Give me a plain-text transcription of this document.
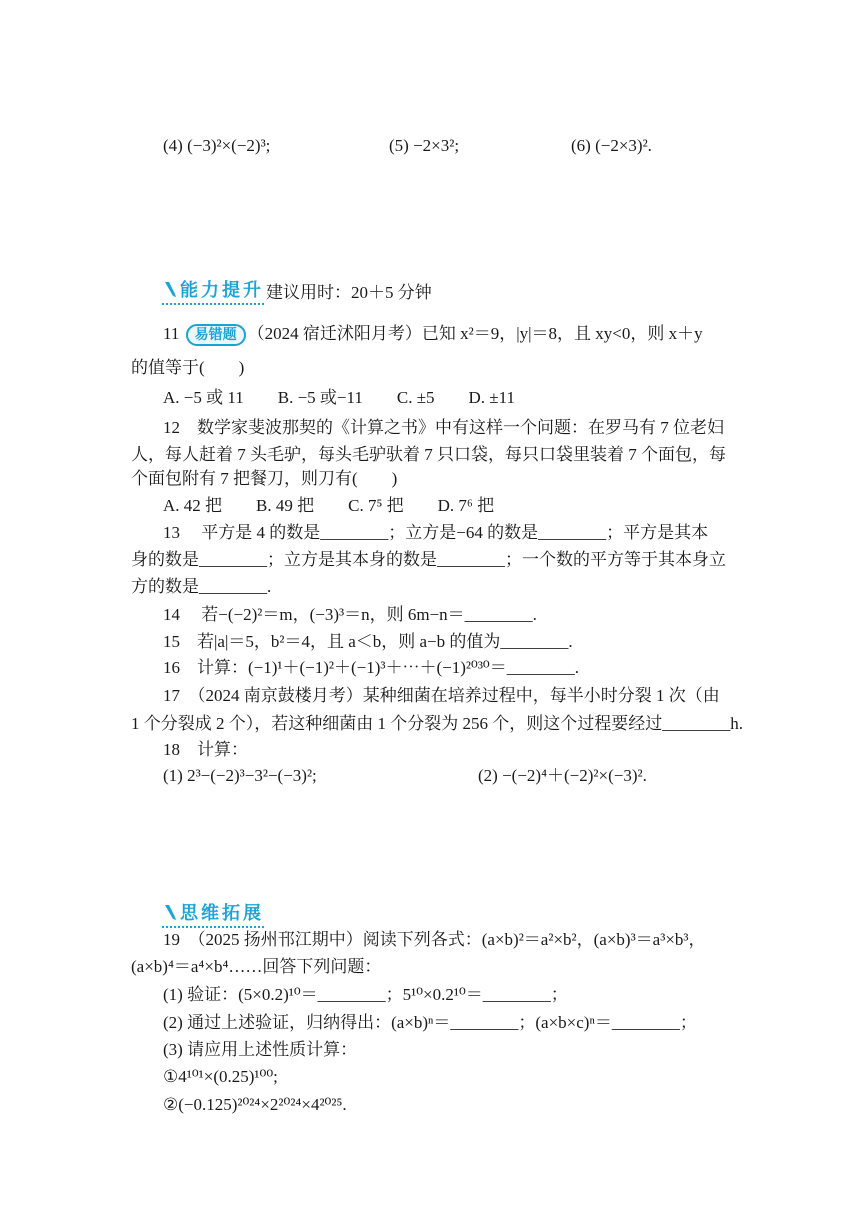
(4) (−3)²×(−2)³;	(5) −2×3²;	(6) (−2×3)².
能力提升 建议用时：20＋5 分钟
11 易错题 （2024 宿迁沭阳月考）已知 x²＝9，|y|＝8，且 xy<0，则 x＋y
的值等于(　　)
A. −5 或 11　　B. −5 或−11　　C. ±5　　D. ±11
12　数学家斐波那契的《计算之书》中有这样一个问题：在罗马有 7 位老妇
人，每人赶着 7 头毛驴，每头毛驴驮着 7 只口袋，每只口袋里装着 7 个面包，每
个面包附有 7 把餐刀，则刀有(　　)
A. 42 把　　B. 49 把　　C. 7⁵ 把　　D. 7⁶ 把
13　 平方是 4 的数是________；立方是−64 的数是________；平方是其本
身的数是________；立方是其本身的数是________；一个数的平方等于其本身立
方的数是________.
14　 若−(−2)²＝m，(−3)³＝n，则 6m−n＝________.
15　若|a|＝5，b²＝4，且 a＜b，则 a−b 的值为________.
16　计算：(−1)¹＋(−1)²＋(−1)³＋⋯＋(−1)²⁰³⁰＝________.
17　（2024 南京鼓楼月考）某种细菌在培养过程中，每半小时分裂 1 次（由
1 个分裂成 2 个），若这种细菌由 1 个分裂为 256 个，则这个过程要经过________h.
18　计算：
(1) 2³−(−2)³−3²−(−3)²;	(2) −(−2)⁴＋(−2)²×(−3)².
思维拓展
19　（2025 扬州邗江期中）阅读下列各式：(a×b)²＝a²×b²，(a×b)³＝a³×b³，
(a×b)⁴＝a⁴×b⁴……回答下列问题：
(1) 验证：(5×0.2)¹⁰＝________；5¹⁰×0.2¹⁰＝________；
(2) 通过上述验证，归纳得出：(a×b)ⁿ＝________；(a×b×c)ⁿ＝________；
(3) 请应用上述性质计算：
①4¹⁰¹×(0.25)¹⁰⁰;
②(−0.125)²⁰²⁴×2²⁰²⁴×4²⁰²⁵.
